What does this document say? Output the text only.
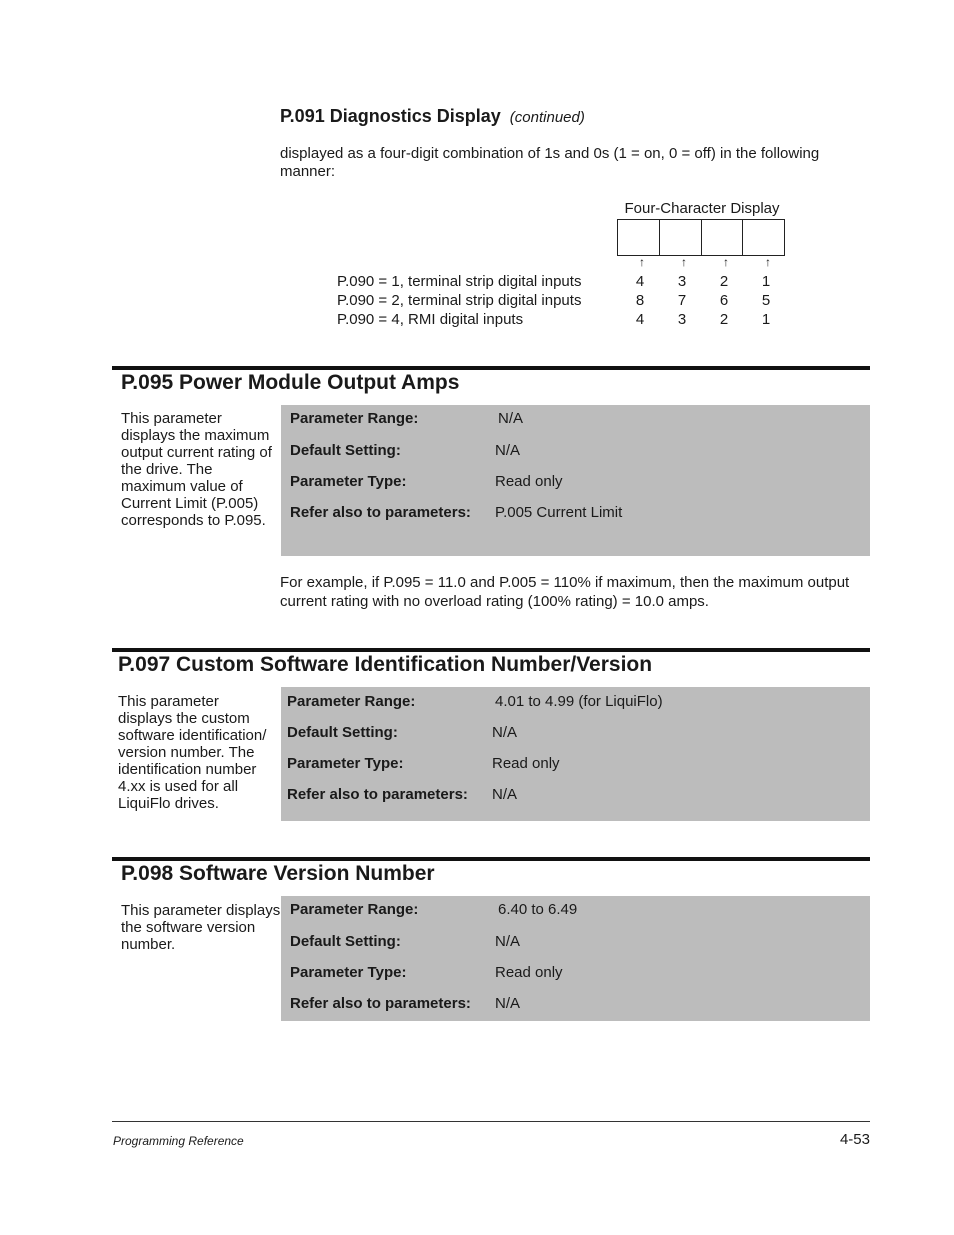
P.091 Diagnostics Display (continued)
displayed as a four-digit combination of 1s and 0s (1 = on, 0 = off) in the following manner:
Four-Character Display
↑	↑	↑	↑
P.090 = 1, terminal strip digital inputs	4	3	2	1
P.090 = 2, terminal strip digital inputs	8	7	6	5
P.090 = 4, RMI digital inputs	4	3	2	1
P.095 Power Module Output Amps
This parameter displays the maximum output current rating of the drive. The maximum value of Current Limit (P.005) corresponds to P.095.
Parameter Range:	N/A
Default Setting:	N/A
Parameter Type:	Read only
Refer also to parameters: P.005 Current Limit
For example, if P.095 = 11.0 and P.005 = 110% if maximum, then the maximum output current rating with no overload rating (100% rating) = 10.0 amps.
P.097 Custom Software Identification Number/Version
This parameter displays the custom software identification/ version number. The identification number 4.xx is used for all LiquiFlo drives.
Parameter Range:	4.01 to 4.99 (for LiquiFlo)
Default Setting:	N/A
Parameter Type:	Read only
Refer also to parameters: N/A
P.098 Software Version Number
This parameter displays the software version number.
Parameter Range:	6.40 to 6.49
Default Setting:	N/A
Parameter Type:	Read only
Refer also to parameters: N/A
Programming Reference	4-53
